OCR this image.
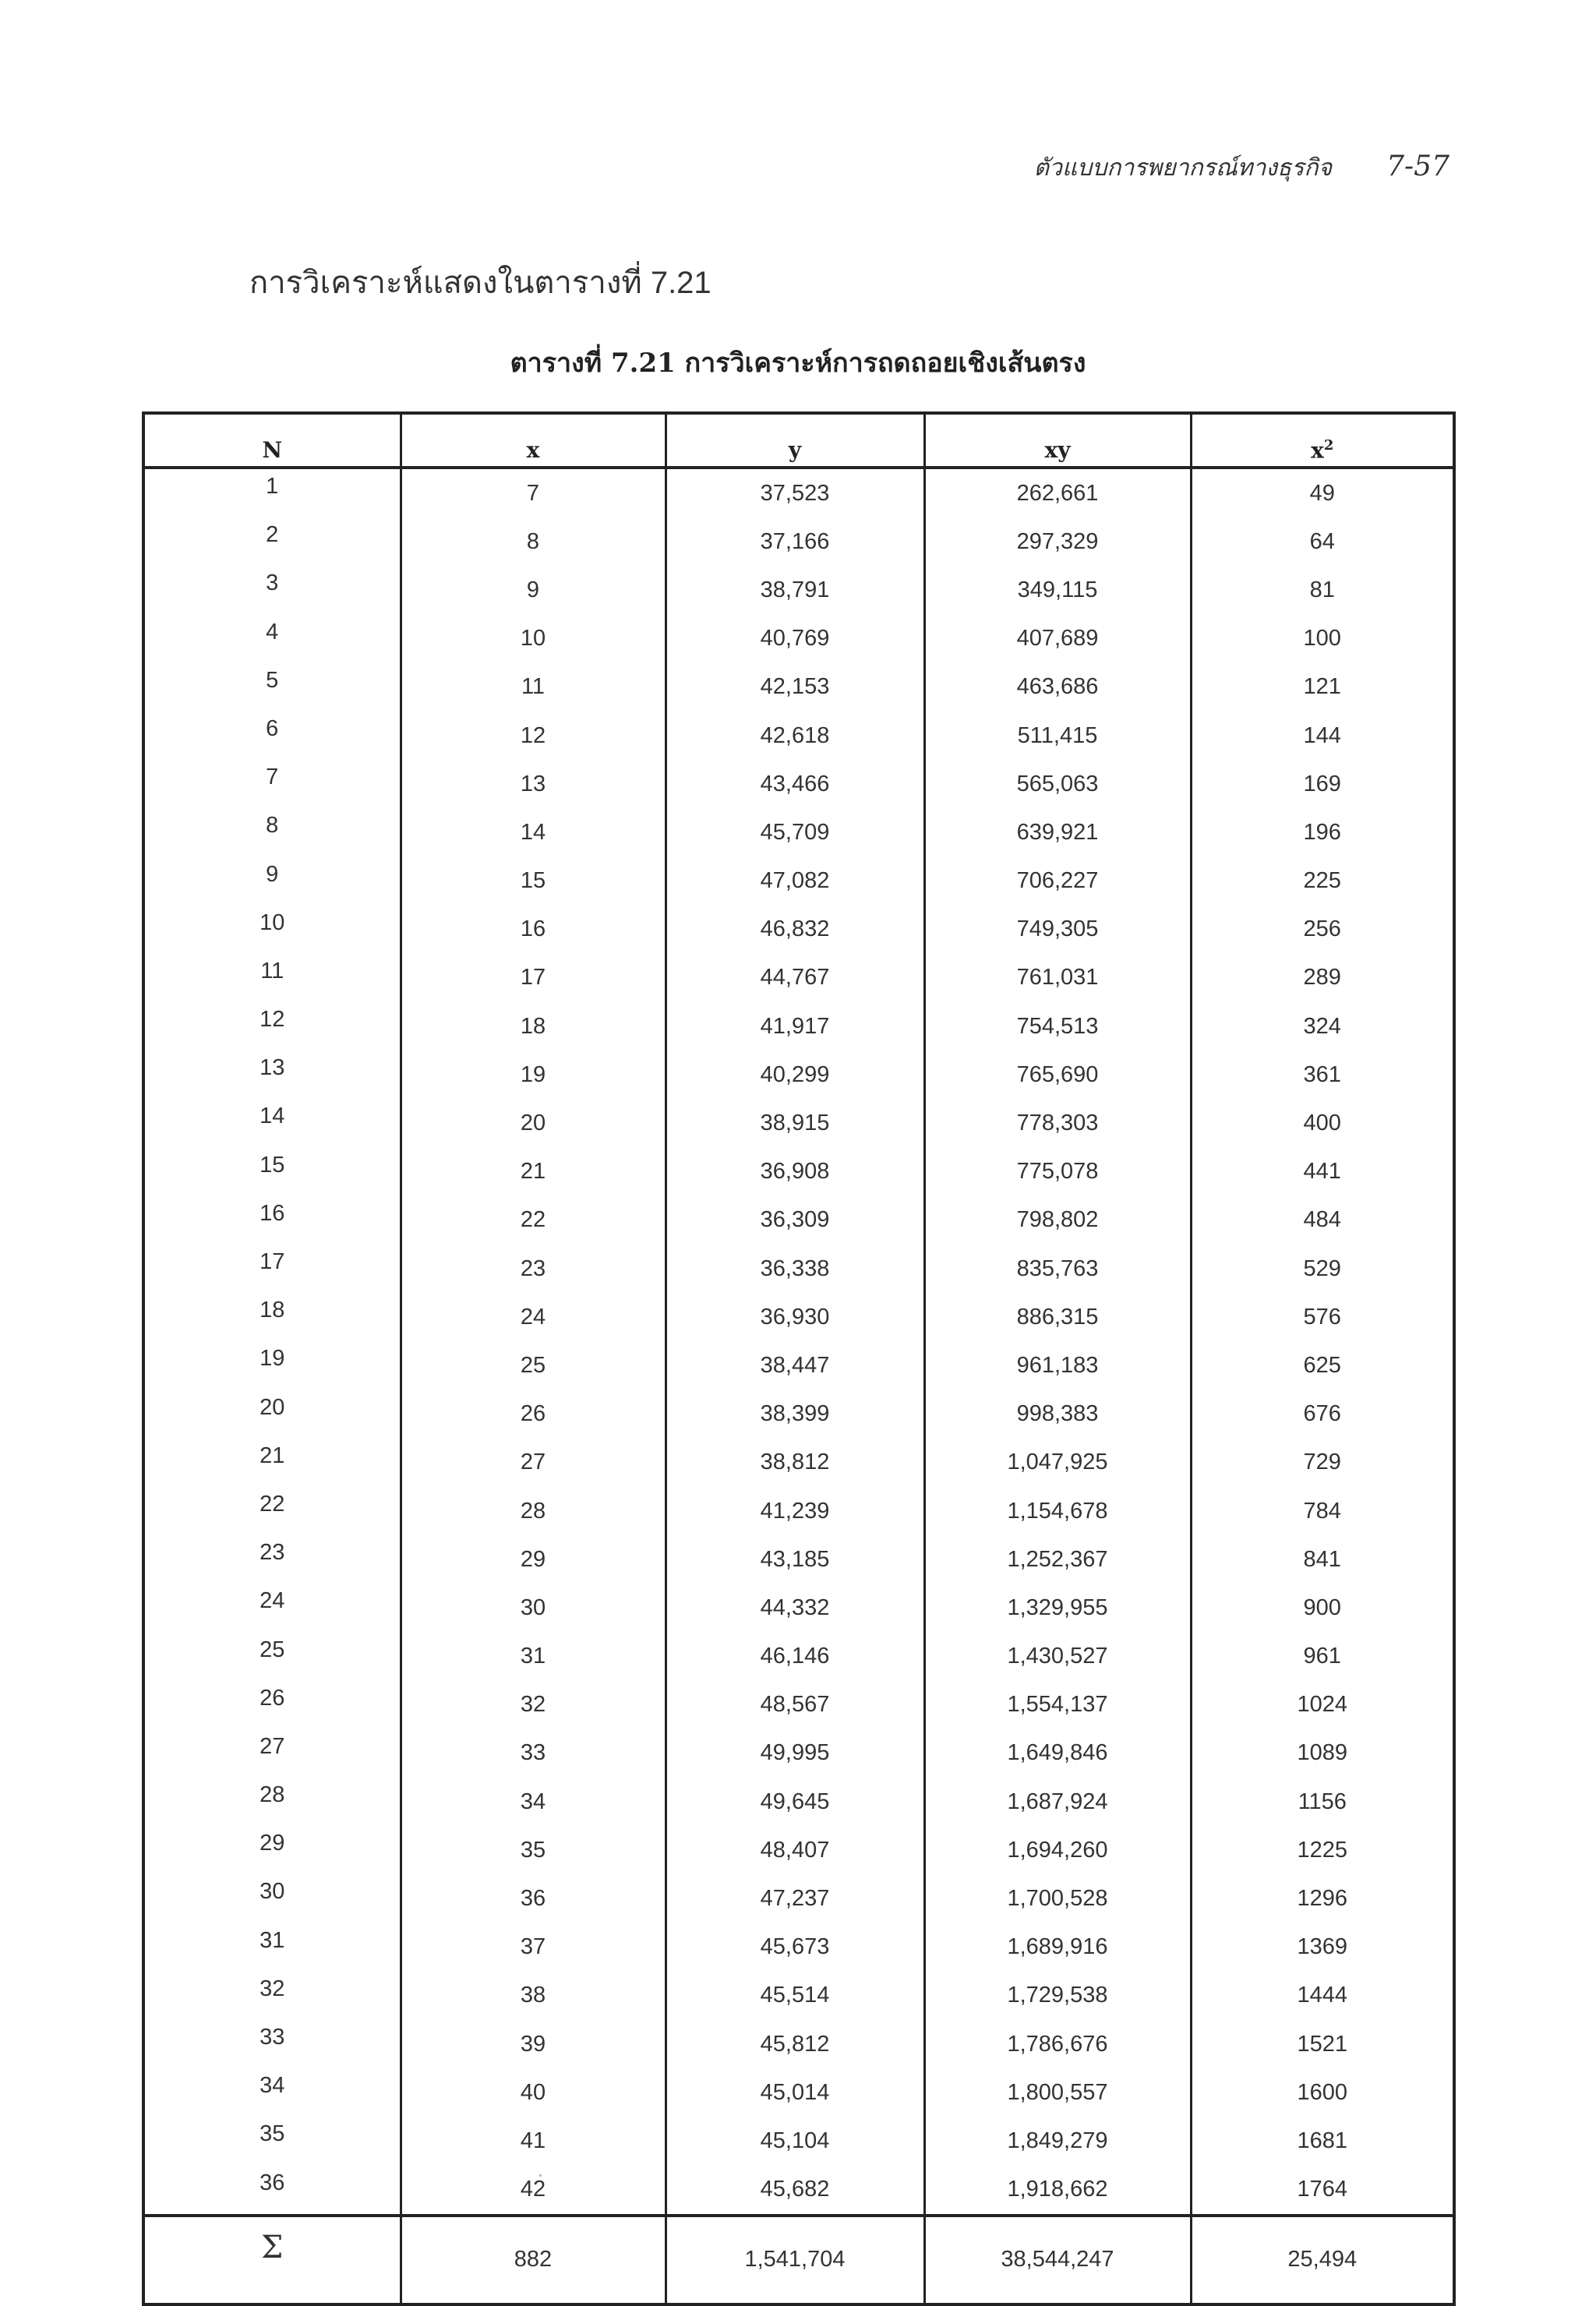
ตัวแบบการพยากรณ์ทางธุรกิจ 7-57
การวิเคราะห์แสดงในตารางที่ 7.21
ตารางที่ 7.21 การวิเคราะห์การถดถอยเชิงเส้นตรง
N	x	y	xy	$x^2$
1	7	37,523	262,661	49
2	8	37,166	297,329	64
3	9	38,791	349,115	81
4	10	40,769	407,689	100
5	11	42,153	463,686	121
6	12	42,618	511,415	144
7	13	43,466	565,063	169
8	14	45,709	639,921	196
9	15	47,082	706,227	225
10	16	46,832	749,305	256
11	17	44,767	761,031	289
12	18	41,917	754,513	324
13	19	40,299	765,690	361
14	20	38,915	778,303	400
15	21	36,908	775,078	441
16	22	36,309	798,802	484
17	23	36,338	835,763	529
18	24	36,930	886,315	576
19	25	38,447	961,183	625
20	26	38,399	998,383	676
21	27	38,812	1,047,925	729
22	28	41,239	1,154,678	784
23	29	43,185	1,252,367	841
24	30	44,332	1,329,955	900
25	31	46,146	1,430,527	961
26	32	48,567	1,554,137	1024
27	33	49,995	1,649,846	1089
28	34	49,645	1,687,924	1156
29	35	48,407	1,694,260	1225
30	36	47,237	1,700,528	1296
31	37	45,673	1,689,916	1369
32	38	45,514	1,729,538	1444
33	39	45,812	1,786,676	1521
34	40	45,014	1,800,557	1600
35	41	45,104	1,849,279	1681
36	42	45,682	1,918,662	1764
Σ	882	1,541,704	38,544,247	25,494
